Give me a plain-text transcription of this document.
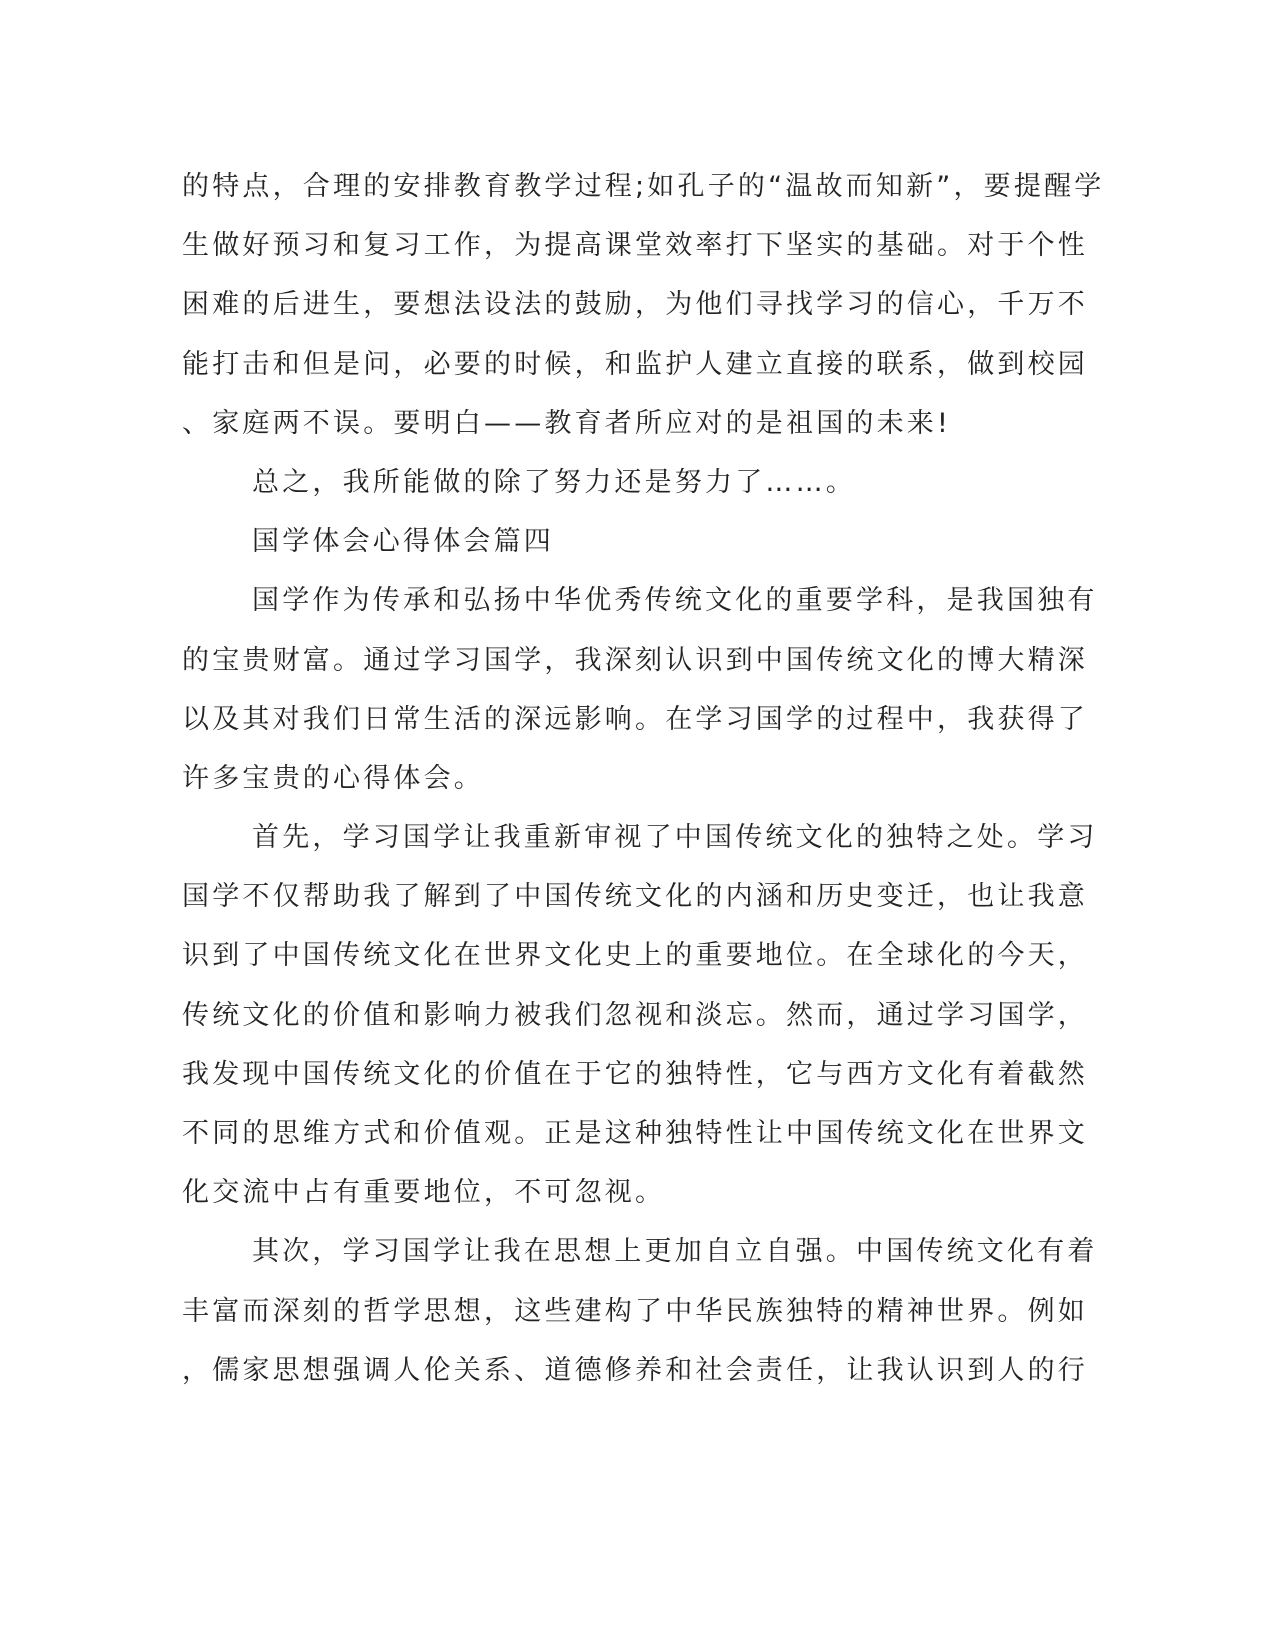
的特点，合理的安排教育教学过程;如孔子的“温故而知新”，要提醒学
生做好预习和复习工作，为提高课堂效率打下坚实的基础。对于个性
困难的后进生，要想法设法的鼓励，为他们寻找学习的信心，千万不
能打击和但是问，必要的时候，和监护人建立直接的联系，做到校园
、家庭两不误。要明白——教育者所应对的是祖国的未来!
总之，我所能做的除了努力还是努力了……。
国学体会心得体会篇四
国学作为传承和弘扬中华优秀传统文化的重要学科，是我国独有
的宝贵财富。通过学习国学，我深刻认识到中国传统文化的博大精深
以及其对我们日常生活的深远影响。在学习国学的过程中，我获得了
许多宝贵的心得体会。
首先，学习国学让我重新审视了中国传统文化的独特之处。学习
国学不仅帮助我了解到了中国传统文化的内涵和历史变迁，也让我意
识到了中国传统文化在世界文化史上的重要地位。在全球化的今天，
传统文化的价值和影响力被我们忽视和淡忘。然而，通过学习国学，
我发现中国传统文化的价值在于它的独特性，它与西方文化有着截然
不同的思维方式和价值观。正是这种独特性让中国传统文化在世界文
化交流中占有重要地位，不可忽视。
其次，学习国学让我在思想上更加自立自强。中国传统文化有着
丰富而深刻的哲学思想，这些建构了中华民族独特的精神世界。例如
，儒家思想强调人伦关系、道德修养和社会责任，让我认识到人的行
